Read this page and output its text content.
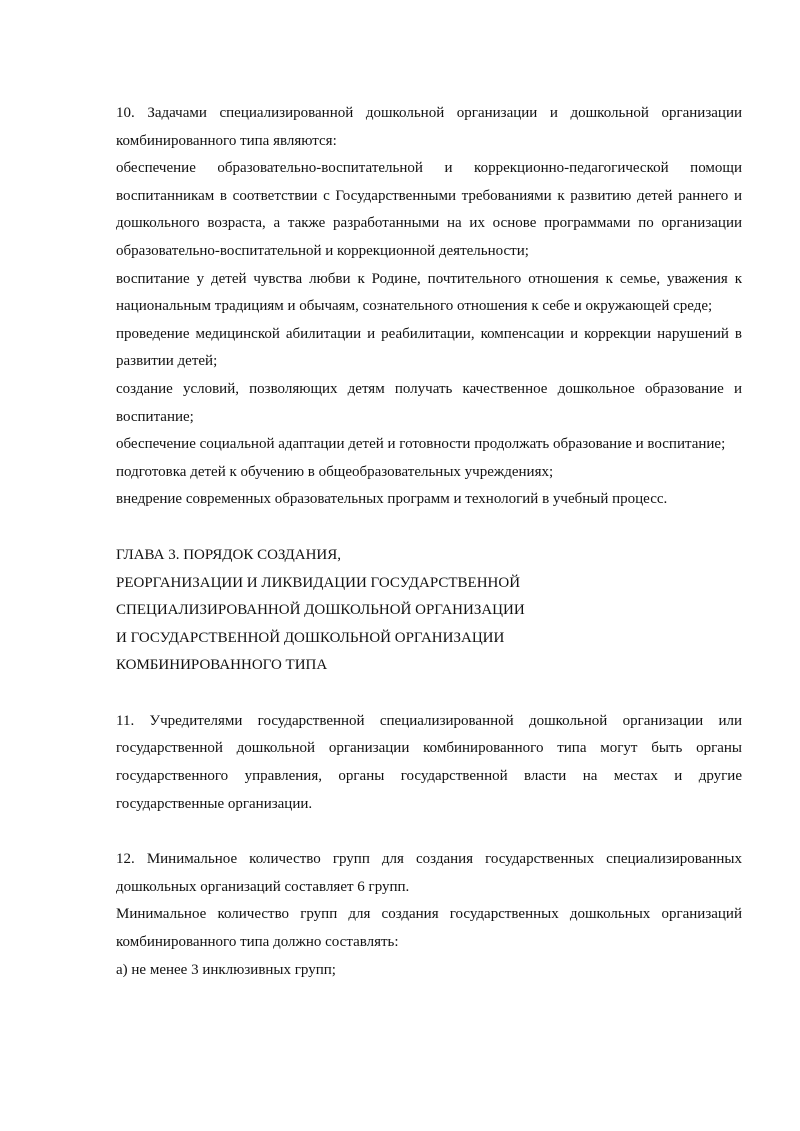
10. Задачами специализированной дошкольной организации и дошкольной организации комбинированного типа являются:

обеспечение образовательно-воспитательной и коррекционно-педагогической помощи воспитанникам в соответствии с Государственными требованиями к развитию детей раннего и дошкольного возраста, а также разработанными на их основе программами по организации образовательно-воспитательной и коррекционной деятельности;

воспитание у детей чувства любви к Родине, почтительного отношения к семье, уважения к национальным традициям и обычаям, сознательного отношения к себе и окружающей среде;

проведение медицинской абилитации и реабилитации, компенсации и коррекции нарушений в развитии детей;

создание условий, позволяющих детям получать качественное дошкольное образование и воспитание;

обеспечение социальной адаптации детей и готовности продолжать образование и воспитание;

подготовка детей к обучению в общеобразовательных учреждениях;

внедрение современных образовательных программ и технологий в учебный процесс.

ГЛАВА 3. ПОРЯДОК СОЗДАНИЯ,

РЕОРГАНИЗАЦИИ И ЛИКВИДАЦИИ ГОСУДАРСТВЕННОЙ

СПЕЦИАЛИЗИРОВАННОЙ ДОШКОЛЬНОЙ ОРГАНИЗАЦИИ

И ГОСУДАРСТВЕННОЙ ДОШКОЛЬНОЙ ОРГАНИЗАЦИИ

КОМБИНИРОВАННОГО ТИПА

11. Учредителями государственной специализированной дошкольной организации или государственной дошкольной организации комбинированного типа могут быть органы государственного управления, органы государственной власти на местах и другие государственные организации.

12. Минимальное количество групп для создания государственных специализированных дошкольных организаций составляет 6 групп.

Минимальное количество групп для создания государственных дошкольных организаций комбинированного типа должно составлять:

а) не менее 3 инклюзивных групп;
